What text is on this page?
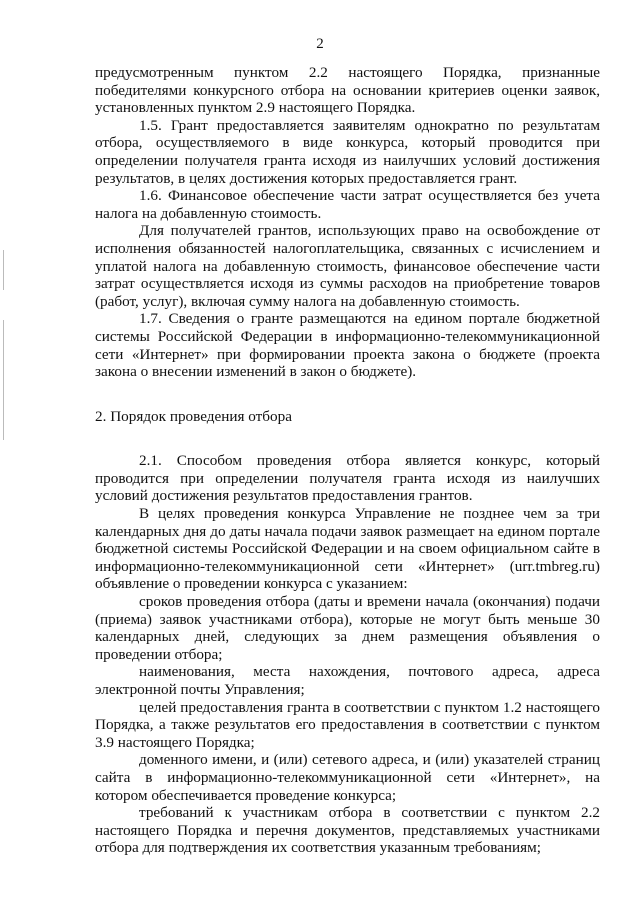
2

предусмотренным пунктом 2.2 настоящего Порядка, признанные победителями конкурсного отбора на основании критериев оценки заявок, установленных пунктом 2.9 настоящего Порядка.

1.5. Грант предоставляется заявителям однократно по результатам отбора, осуществляемого в виде конкурса, который проводится при определении получателя гранта исходя из наилучших условий достижения результатов, в целях достижения которых предоставляется грант.

1.6. Финансовое обеспечение части затрат осуществляется без учета налога на добавленную стоимость.

Для получателей грантов, использующих право на освобождение от исполнения обязанностей налогоплательщика, связанных с исчислением и уплатой налога на добавленную стоимость, финансовое обеспечение части затрат осуществляется исходя из суммы расходов на приобретение товаров (работ, услуг), включая сумму налога на добавленную стоимость.

1.7. Сведения о гранте размещаются на едином портале бюджетной системы Российской Федерации в информационно-телекоммуникационной сети «Интернет» при формировании проекта закона о бюджете (проекта закона о внесении изменений в закон о бюджете).

2. Порядок проведения отбора

2.1. Способом проведения отбора является конкурс, который проводится при определении получателя гранта исходя из наилучших условий достижения результатов предоставления грантов.

В целях проведения конкурса Управление не позднее чем за три календарных дня до даты начала подачи заявок размещает на едином портале бюджетной системы Российской Федерации и на своем официальном сайте в информационно-телекоммуникационной сети «Интернет» (urr.tmbreg.ru) объявление о проведении конкурса с указанием:

сроков проведения отбора (даты и времени начала (окончания) подачи (приема) заявок участниками отбора), которые не могут быть меньше 30 календарных дней, следующих за днем размещения объявления о проведении отбора;

наименования, места нахождения, почтового адреса, адреса электронной почты Управления;

целей предоставления гранта в соответствии с пунктом 1.2 настоящего Порядка, а также результатов его предоставления в соответствии с пунктом 3.9 настоящего Порядка;

доменного имени, и (или) сетевого адреса, и (или) указателей страниц сайта в информационно-телекоммуникационной сети «Интернет», на котором обеспечивается проведение конкурса;

требований к участникам отбора в соответствии с пунктом 2.2 настоящего Порядка и перечня документов, представляемых участниками отбора для подтверждения их соответствия указанным требованиям;
